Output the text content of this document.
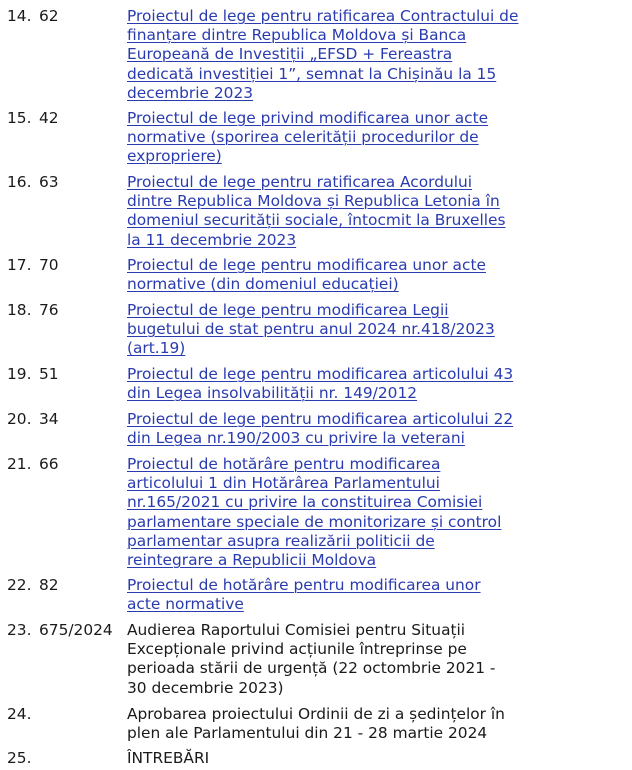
14. 62	Proiectul de lege pentru ratificarea Contractului de
finanțare dintre Republica Moldova și Banca
Europeană de Investiții „EFSD + Fereastra
dedicată investiției 1”, semnat la Chișinău la 15
decembrie 2023
15. 42	Proiectul de lege privind modificarea unor acte
normative (sporirea celerității procedurilor de
expropriere)
16. 63	Proiectul de lege pentru ratificarea Acordului
dintre Republica Moldova și Republica Letonia în
domeniul securității sociale, întocmit la Bruxelles
la 11 decembrie 2023
17. 70	Proiectul de lege pentru modificarea unor acte
normative (din domeniul educației)
18. 76	Proiectul de lege pentru modificarea Legii
bugetului de stat pentru anul 2024 nr.418/2023
(art.19)
19. 51	Proiectul de lege pentru modificarea articolului 43
din Legea insolvabilității nr. 149/2012
20. 34	Proiectul de lege pentru modificarea articolului 22
din Legea nr.190/2003 cu privire la veterani
21. 66	Proiectul de hotărâre pentru modificarea
articolului 1 din Hotărârea Parlamentului
nr.165/2021 cu privire la constituirea Comisiei
parlamentare speciale de monitorizare și control
parlamentar asupra realizării politicii de
reintegrare a Republicii Moldova
22. 82	Proiectul de hotărâre pentru modificarea unor
acte normative
23. 675/2024 Audierea Raportului Comisiei pentru Situații
Excepționale privind acțiunile întreprinse pe
perioada stării de urgență (22 octombrie 2021 -
30 decembrie 2023)
24.	Aprobarea proiectului Ordinii de zi a ședințelor în
plen ale Parlamentului din 21 - 28 martie 2024
25.	ÎNTREBĂRI
